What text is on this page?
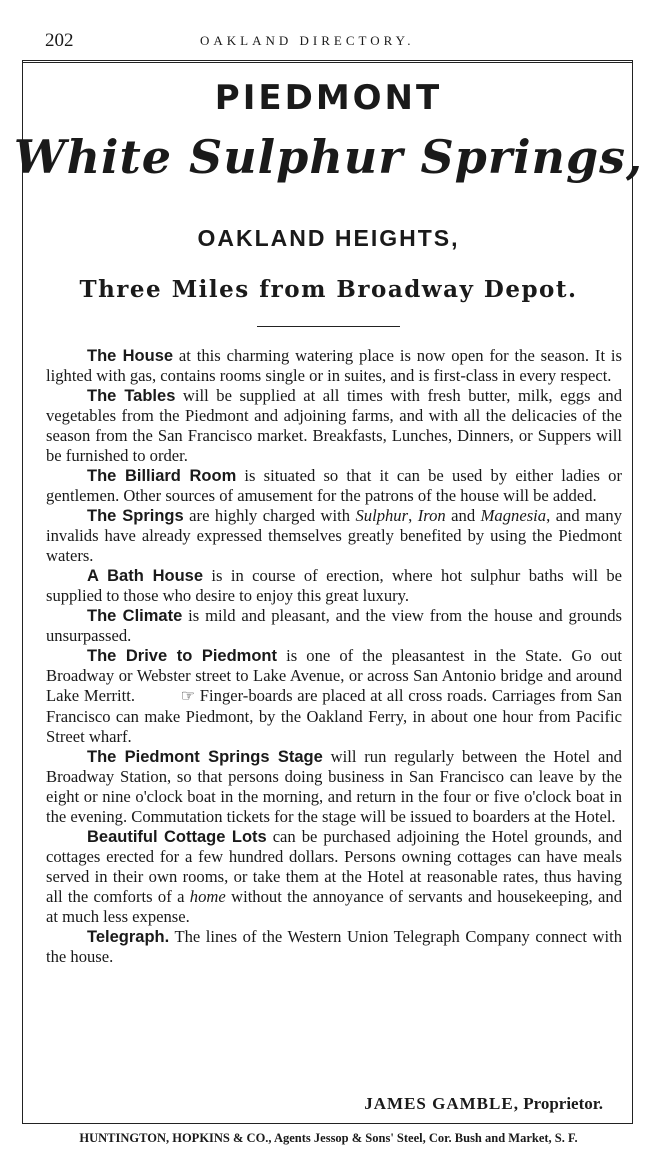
202	OAKLAND DIRECTORY.
PIEDMONT
White Sulphur Springs,
OAKLAND HEIGHTS,
Three Miles from Broadway Depot.

The House at this charming watering place is now open for the season. It is lighted with gas, contains rooms single or in suites, and is first-class in every respect.

The Tables will be supplied at all times with fresh butter, milk, eggs and vegetables from the Piedmont and adjoining farms, and with all the delicacies of the season from the San Francisco market. Breakfasts, Lunches, Dinners, or Suppers will be furnished to order.

The Billiard Room is situated so that it can be used by either ladies or gentlemen. Other sources of amusement for the patrons of the house will be added.

The Springs are highly charged with Sulphur, Iron and Magnesia, and many invalids have already expressed themselves greatly benefited by using the Piedmont waters.

A Bath House is in course of erection, where hot sulphur baths will be supplied to those who desire to enjoy this great luxury.

The Climate is mild and pleasant, and the view from the house and grounds unsurpassed.

The Drive to Piedmont is one of the pleasantest in the State. Go out Broadway or Webster street to Lake Avenue, or across San Antonio bridge and around Lake Merritt.	☞ Finger-boards are placed at all cross roads. Carriages from San Francisco can make Piedmont, by the Oakland Ferry, in about one hour from Pacific Street wharf.

The Piedmont Springs Stage will run regularly between the Hotel and Broadway Station, so that persons doing business in San Francisco can leave by the eight or nine o'clock boat in the morning, and return in the four or five o'clock boat in the evening. Commutation tickets for the stage will be issued to boarders at the Hotel.

Beautiful Cottage Lots can be purchased adjoining the Hotel grounds, and cottages erected for a few hundred dollars. Persons owning cottages can have meals served in their own rooms, or take them at the Hotel at reasonable rates, thus having all the comforts of a home without the annoyance of servants and housekeeping, and at much less expense.

Telegraph. The lines of the Western Union Telegraph Company connect with the house.

JAMES GAMBLE, Proprietor.
HUNTINGTON, HOPKINS & CO., Agents Jessop & Sons' Steel, Cor. Bush and Market, S. F.
